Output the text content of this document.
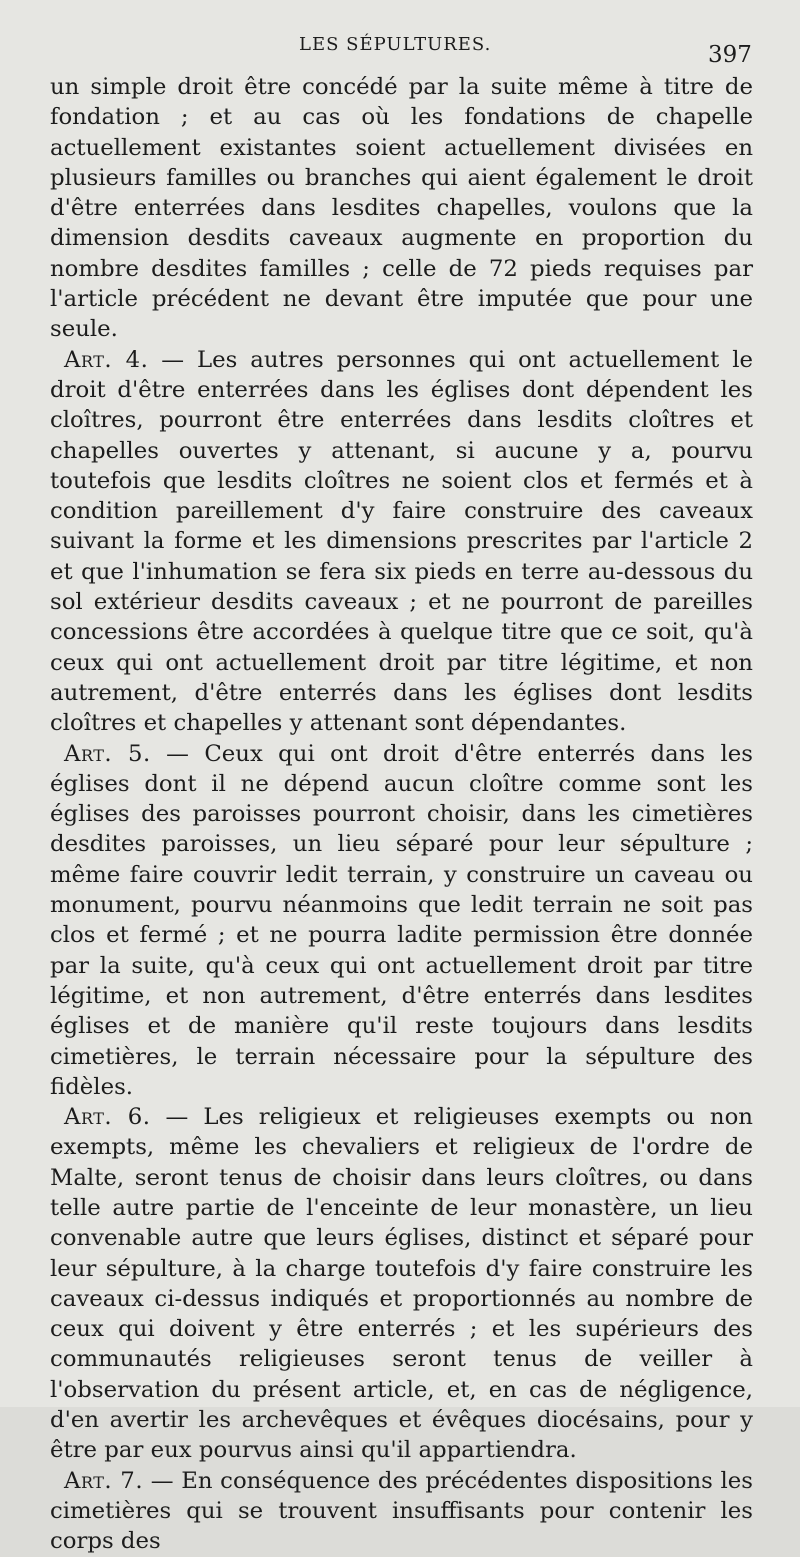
LES SÉPULTURES.	397

un simple droit être concédé par la suite même à titre de fondation ; et au cas où les fondations de chapelle actuellement existantes soient actuellement divisées en plusieurs familles ou branches qui aient également le droit d'être enterrées dans lesdites chapelles, voulons que la dimension desdits caveaux augmente en proportion du nombre desdites familles ; celle de 72 pieds requises par l'article précédent ne devant être imputée que pour une seule.

Art. 4. — Les autres personnes qui ont actuellement le droit d'être enterrées dans les églises dont dépendent les cloîtres, pourront être enterrées dans lesdits cloîtres et chapelles ouvertes y attenant, si aucune y a, pourvu toutefois que lesdits cloîtres ne soient clos et fermés et à condition pareillement d'y faire construire des caveaux suivant la forme et les dimensions prescrites par l'article 2 et que l'inhumation se fera six pieds en terre au-dessous du sol extérieur desdits caveaux ; et ne pourront de pareilles concessions être accordées à quelque titre que ce soit, qu'à ceux qui ont actuellement droit par titre légitime, et non autrement, d'être enterrés dans les églises dont lesdits cloîtres et chapelles y attenant sont dépendantes.

Art. 5. — Ceux qui ont droit d'être enterrés dans les églises dont il ne dépend aucun cloître comme sont les églises des paroisses pourront choisir, dans les cimetières desdites paroisses, un lieu séparé pour leur sépulture ; même faire couvrir ledit terrain, y construire un caveau ou monument, pourvu néanmoins que ledit terrain ne soit pas clos et fermé ; et ne pourra ladite permission être donnée par la suite, qu'à ceux qui ont actuellement droit par titre légitime, et non autrement, d'être enterrés dans lesdites églises et de manière qu'il reste toujours dans lesdits cimetières, le terrain nécessaire pour la sépulture des fidèles.

Art. 6. — Les religieux et religieuses exempts ou non exempts, même les chevaliers et religieux de l'ordre de Malte, seront tenus de choisir dans leurs cloîtres, ou dans telle autre partie de l'enceinte de leur monastère, un lieu convenable autre que leurs églises, distinct et séparé pour leur sépulture, à la charge toutefois d'y faire construire les caveaux ci-dessus indiqués et proportionnés au nombre de ceux qui doivent y être enterrés ; et les supérieurs des communautés religieuses seront tenus de veiller à l'observation du présent article, et, en cas de négligence, d'en avertir les archevêques et évêques diocésains, pour y être par eux pourvus ainsi qu'il appartiendra.

Art. 7. — En conséquence des précédentes dispositions les cimetières qui se trouvent insuffisants pour contenir les corps des
